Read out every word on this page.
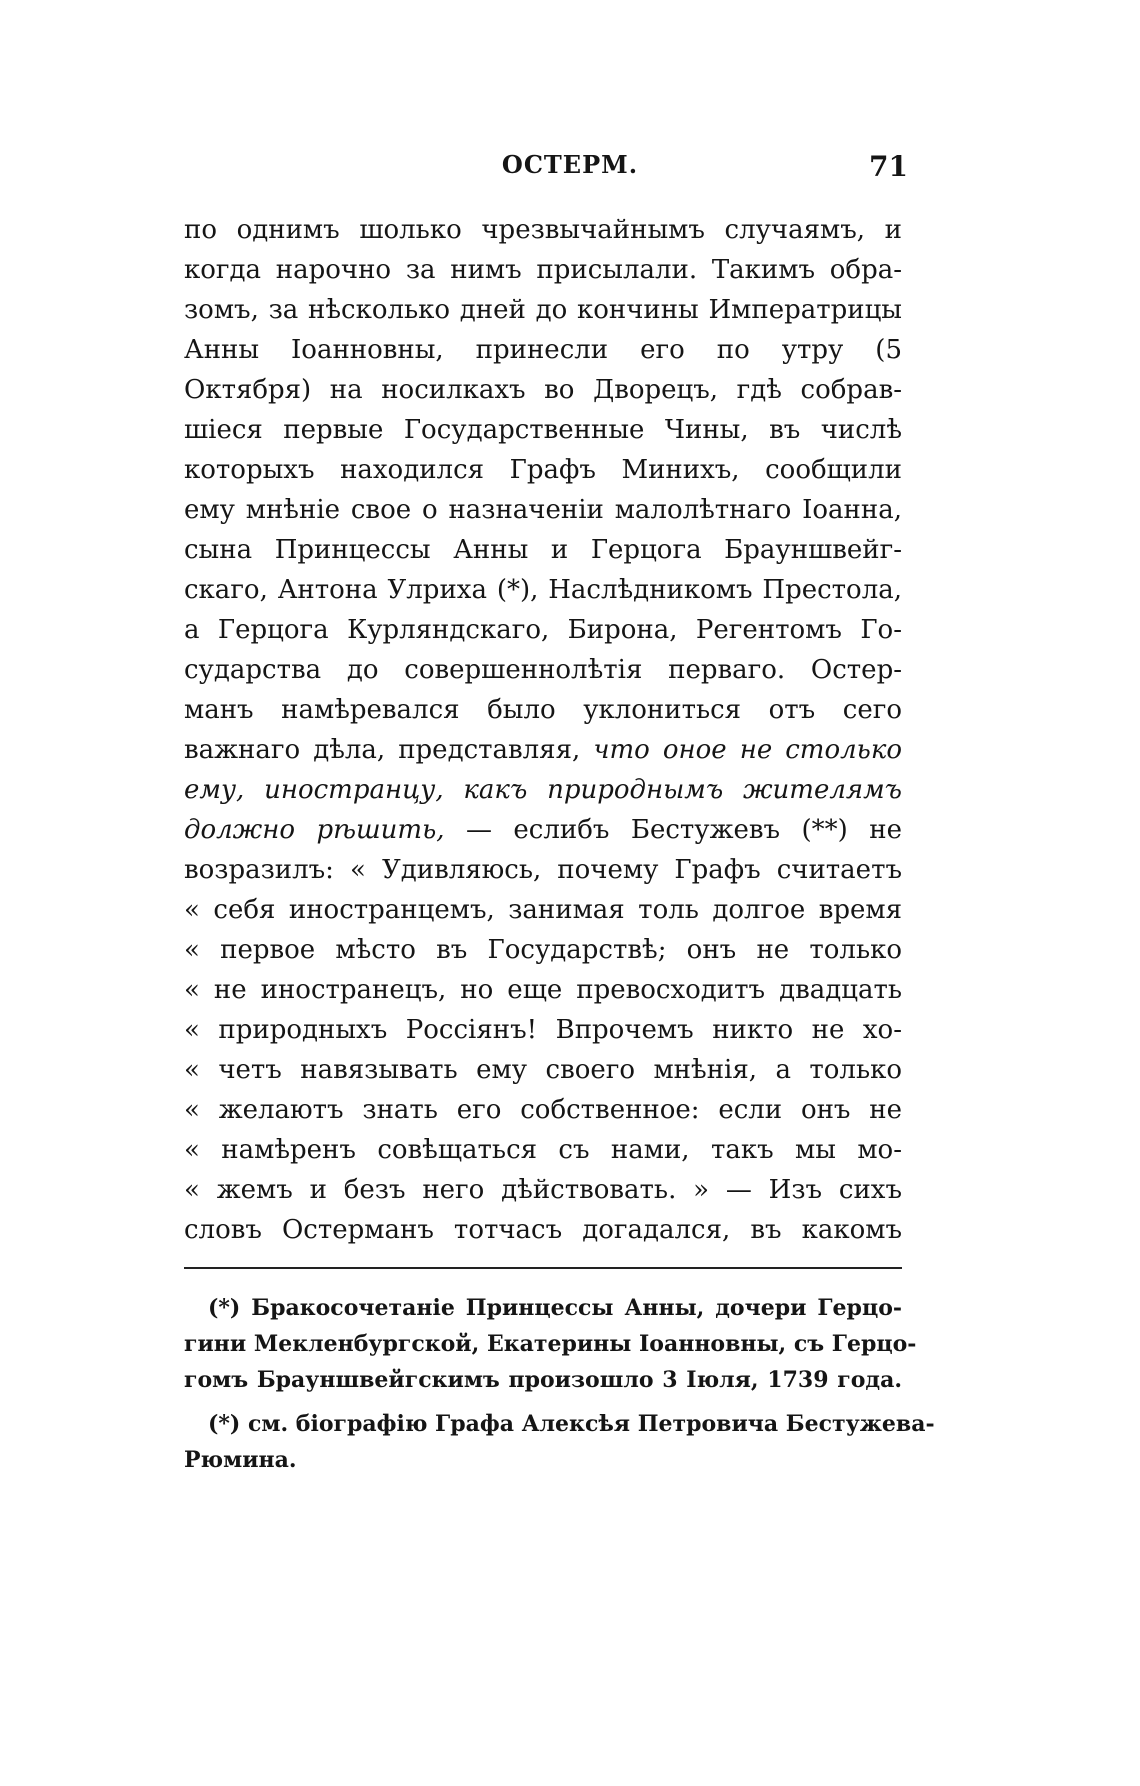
ОСТЕРМ.	71
по однимъ шолько чрезвычайнымъ случаямъ, и
когда нарочно за нимъ присылали. Такимъ обра-
зомъ, за нѣсколько дней до кончины Императрицы
Анны Іоанновны, принесли его по утру (5
Октября) на носилкахъ во Дворецъ, гдѣ собрав-
шіеся первые Государственные Чины, въ числѣ
которыхъ находился Графъ Минихъ, сообщили
ему мнѣніе свое о назначеніи малолѣтнаго Іоанна,
сына Принцессы Анны и Герцога Брауншвейг-
скаго, Антона Улриха (*), Наслѣдникомъ Престола,
а Герцога Курляндскаго, Бирона, Регентомъ Го-
сударства до совершеннолѣтія перваго. Остер-
манъ намѣревался было уклониться отъ сего
важнаго дѣла, представляя, что оное не столько
ему, иностранцу, какъ природнымъ жителямъ
должно рѣшить, — еслибъ Бестужевъ (**) не
возразилъ: « Удивляюсь, почему Графъ считаетъ
« себя иностранцемъ, занимая толь долгое время
« первое мѣсто въ Государствѣ; онъ не только
« не иностранецъ, но еще превосходитъ двадцать
« природныхъ Россіянъ! Впрочемъ никто не хо-
« четъ навязывать ему своего мнѣнія, а только
« желаютъ знать его собственное: если онъ не
« намѣренъ совѣщаться съ нами, такъ мы мо-
« жемъ и безъ него дѣйствовать. » — Изъ сихъ
словъ Остерманъ тотчасъ догадался, въ какомъ
(*) Бракосочетаніе Принцессы Анны, дочери Герцо-
гини Мекленбургской, Екатерины Іоанновны, съ Герцо-
гомъ Брауншвейгскимъ произошло 3 Іюля, 1739 года.
(*) см. біографію Графа Алексѣя Петровича Бестужева-
Рюмина.
